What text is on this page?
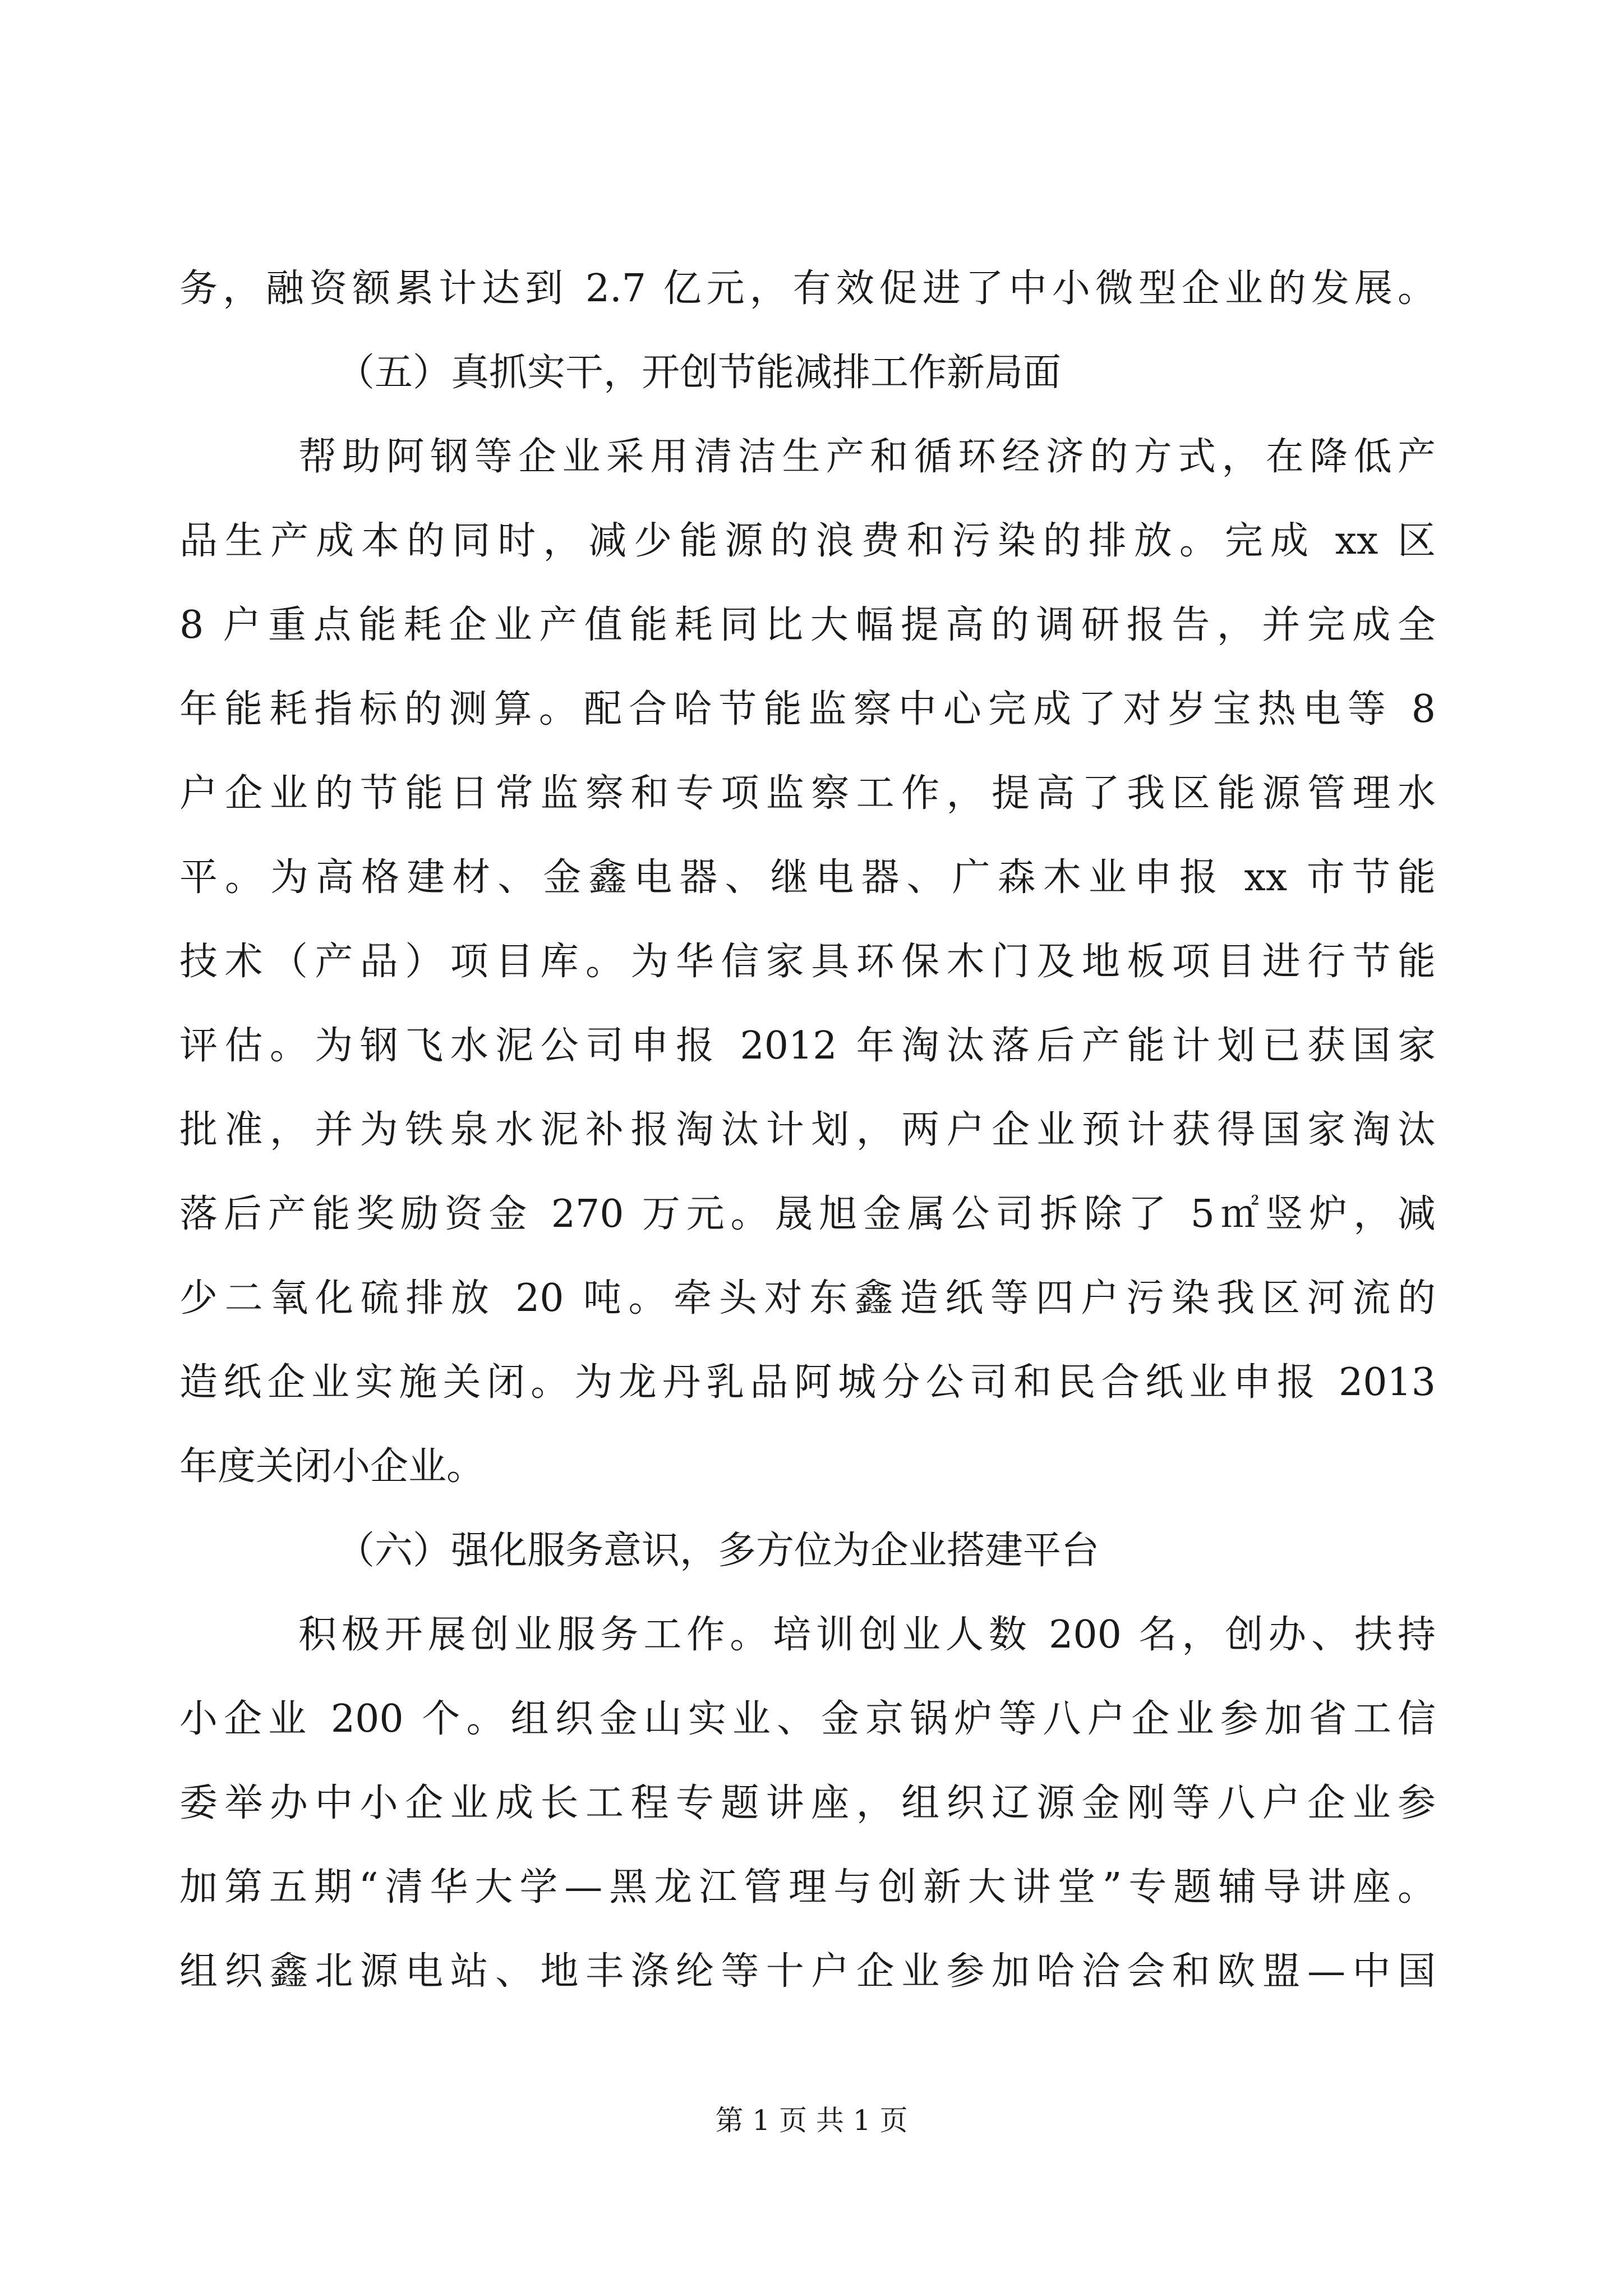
务，融资额累计达到 2.7 亿元，有效促进了中小微型企业的发展。
（五）真抓实干，开创节能减排工作新局面
帮助阿钢等企业采用清洁生产和循环经济的方式，在降低产
品生产成本的同时，减少能源的浪费和污染的排放。完成 xx 区
8 户重点能耗企业产值能耗同比大幅提高的调研报告，并完成全
年能耗指标的测算。配合哈节能监察中心完成了对岁宝热电等 8
户企业的节能日常监察和专项监察工作，提高了我区能源管理水
平。为高格建材、金鑫电器、继电器、广森木业申报 xx 市节能
技术（产品）项目库。为华信家具环保木门及地板项目进行节能
评估。为钢飞水泥公司申报 2012 年淘汰落后产能计划已获国家
批准，并为铁泉水泥补报淘汰计划，两户企业预计获得国家淘汰
落后产能奖励资金 270 万元。晟旭金属公司拆除了 5㎡竖炉，减
少二氧化硫排放 20 吨。牵头对东鑫造纸等四户污染我区河流的
造纸企业实施关闭。为龙丹乳品阿城分公司和民合纸业申报 2013
年度关闭小企业。
（六）强化服务意识，多方位为企业搭建平台
积极开展创业服务工作。培训创业人数 200 名，创办、扶持
小企业 200 个。组织金山实业、金京锅炉等八户企业参加省工信
委举办中小企业成长工程专题讲座，组织辽源金刚等八户企业参
加第五期“清华大学—黑龙江管理与创新大讲堂”专题辅导讲座。
组织鑫北源电站、地丰涤纶等十户企业参加哈洽会和欧盟—中国
第 1 页 共 1 页
